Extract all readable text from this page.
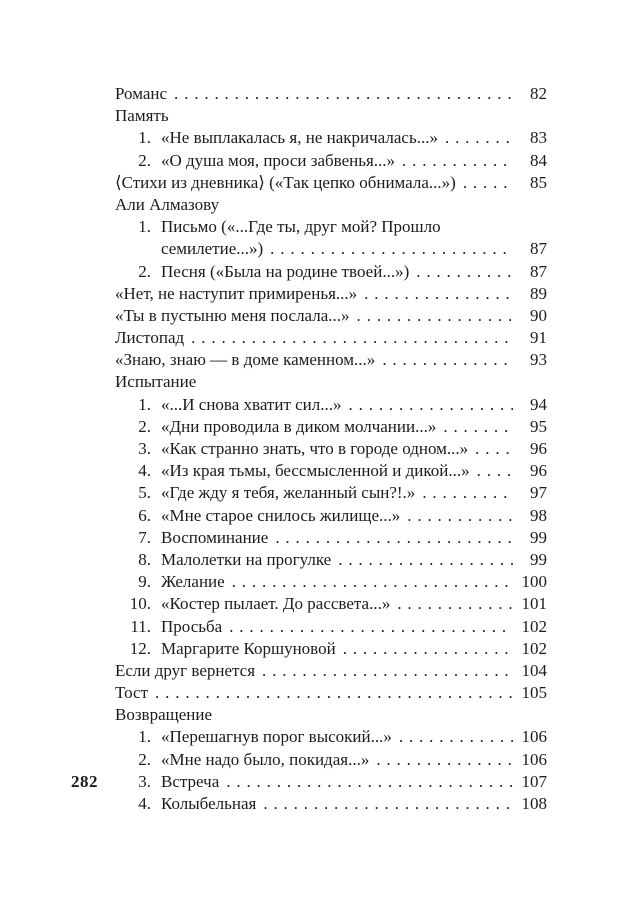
Романс . . .	82
Память
1. «Не выплакалась я, не накричалась...» . . .	83
2. «О душа моя, проси забвенья...» . . .	84
⟨Стихи из дневника⟩ («Так цепко обнимала...») . . .	85
Али Алмазову
1. Письмо («...Где ты, друг мой? Прошло
семилетие...») . . .	87
2. Песня («Была на родине твоей...») . . .	87
«Нет, не наступит примиренья...» . . .	89
«Ты в пустыню меня послала...» . . .	90
Листопад . . .	91
«Знаю, знаю — в доме каменном...» . . .	93
Испытание
1. «...И снова хватит сил...» . . .	94
2. «Дни проводила в диком молчании...» . . .	95
3. «Как странно знать, что в городе одном...» . . .	96
4. «Из края тьмы, бессмысленной и дикой...» . . .	96
5. «Где жду я тебя, желанный сын?!.» . . .	97
6. «Мне старое снилось жилище...» . . .	98
7. Воспоминание . . .	99
8. Малолетки на прогулке . . .	99
9. Желание . . .	100
10. «Костер пылает. До рассвета...» . . .	101
11. Просьба . . .	102
12. Маргарите Коршуновой . . .	102
Если друг вернется . . .	104
Тост . . .	105
Возвращение
1. «Перешагнув порог высокий...» . . .	106
2. «Мне надо было, покидая...» . . .	106
3. Встреча . . .	107
4. Колыбельная . . .	108
282
